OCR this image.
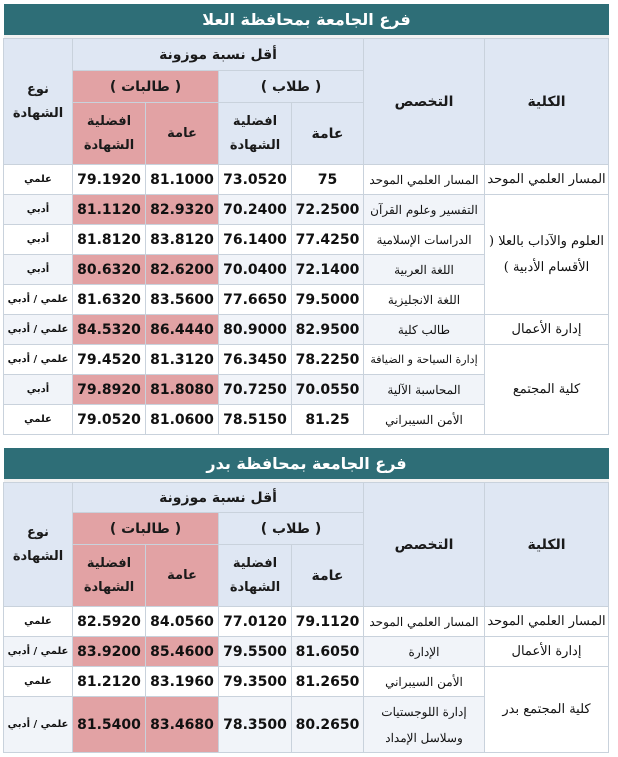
فرع الجامعة بمحافظة العلا
الكلية	التخصص	أقل نسبة موزونة				نوع الشهادة
		( طلاب )		( طالبات )		
		عامة	افضلية الشهادة	عامة	افضلية الشهادة	
المسار العلمي الموحد	المسار العلمي الموحد	75	73.0520	81.1000	79.1920	علمي
العلوم والآداب بالعلا ( الأقسام الأدبية )	التفسير وعلوم القرآن	72.2500	70.2400	82.9320	81.1120	أدبي
	الدراسات الإسلامية	77.4250	76.1400	83.8120	81.8120	أدبي
	اللغة العربية	72.1400	70.0400	82.6200	80.6320	أدبي
	اللغة الانجليزية	79.5000	77.6650	83.5600	81.6320	علمي / أدبي
إدارة الأعمال	طالب كلية	82.9500	80.9000	86.4440	84.5320	علمي / أدبي
كلية المجتمع	إدارة السياحة و الضيافة	78.2250	76.3450	81.3120	79.4520	علمي / أدبي
	المحاسبة الآلية	70.0550	70.7250	81.8080	79.8920	أدبي
	الأمن السيبراني	81.25	78.5150	81.0600	79.0520	علمي
فرع الجامعة بمحافظة بدر
الكلية	التخصص	أقل نسبة موزونة				نوع الشهادة
		( طلاب )		( طالبات )		
		عامة	افضلية الشهادة	عامة	افضلية الشهادة	
المسار العلمي الموحد	المسار العلمي الموحد	79.1120	77.0120	84.0560	82.5920	علمي
إدارة الأعمال	الإدارة	81.6050	79.5500	85.4600	83.9200	علمي / أدبي
كلية المجتمع بدر	الأمن السيبراني	81.2650	79.3500	83.1960	81.2120	علمي
	إدارة اللوجستيات وسلاسل الإمداد	80.2650	78.3500	83.4680	81.5400	علمي / أدبي
